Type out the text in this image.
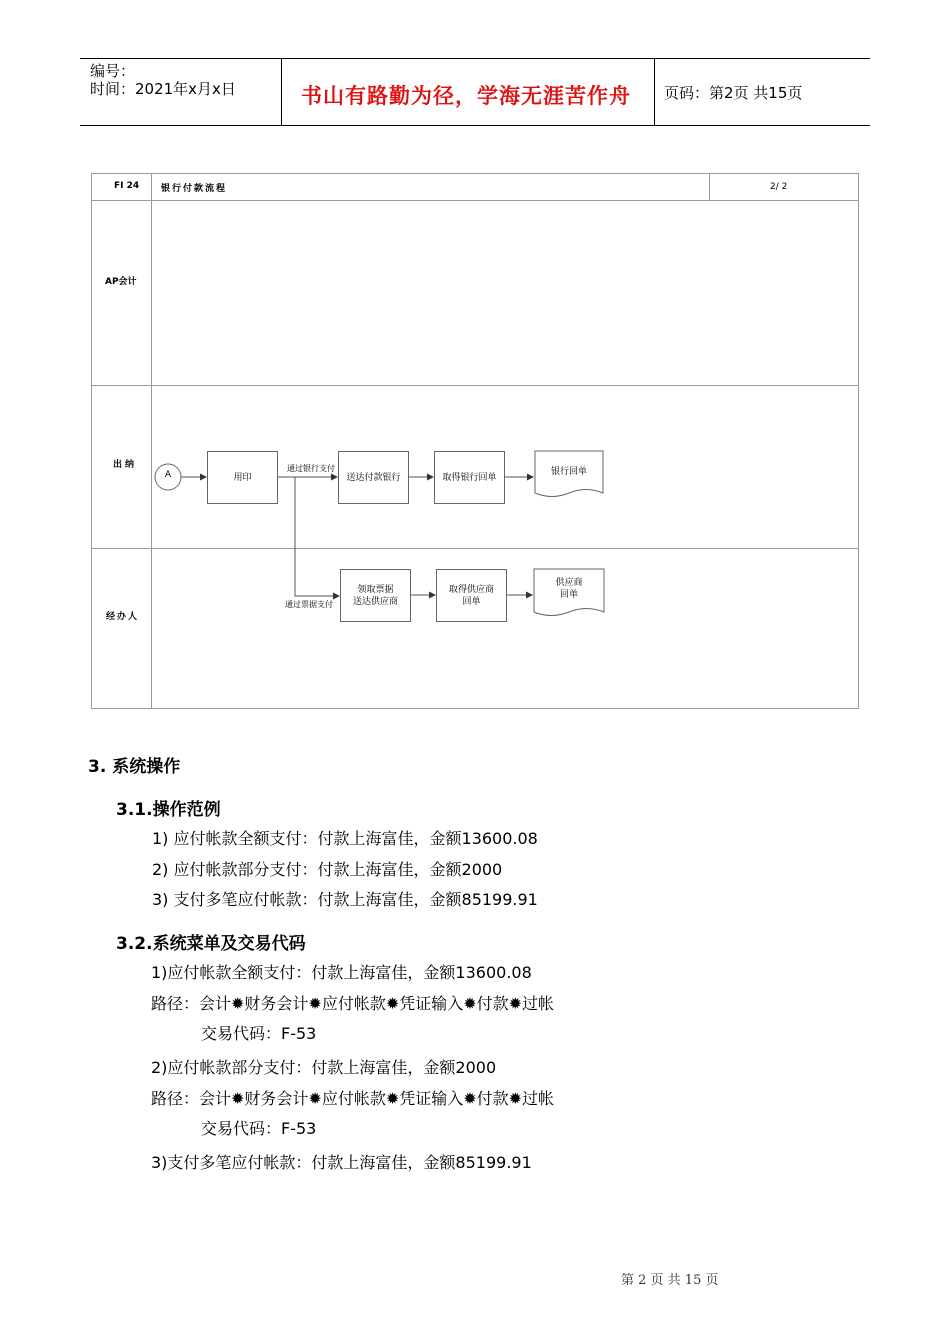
编号：
时间：2021年x月x日	书山有路勤为径，学海无涯苦作舟 页码：第2页 共15页
FI 24 银行付款流程	2/ 2
AP会计
出纳
经办人
A	用印	送达付款银行	取得银行回单
银行回单
领取票据
送达供应商
取得供应商
回单
供应商
回单
通过银行支付
通过票据支付
3. 系统操作
3.1.操作范例
1) 应付帐款全额支付：付款上海富佳，金额13600.08
2) 应付帐款部分支付：付款上海富佳，金额2000
3) 支付多笔应付帐款：付款上海富佳，金额85199.91
3.2.系统菜单及交易代码
1)应付帐款全额支付：付款上海富佳，金额13600.08
路径：会计✹财务会计✹应付帐款✹凭证输入✹付款✹过帐
交易代码：F-53
2)应付帐款部分支付：付款上海富佳，金额2000
路径：会计✹财务会计✹应付帐款✹凭证输入✹付款✹过帐
交易代码：F-53
3)支付多笔应付帐款：付款上海富佳，金额85199.91
第 2 页 共 15 页
